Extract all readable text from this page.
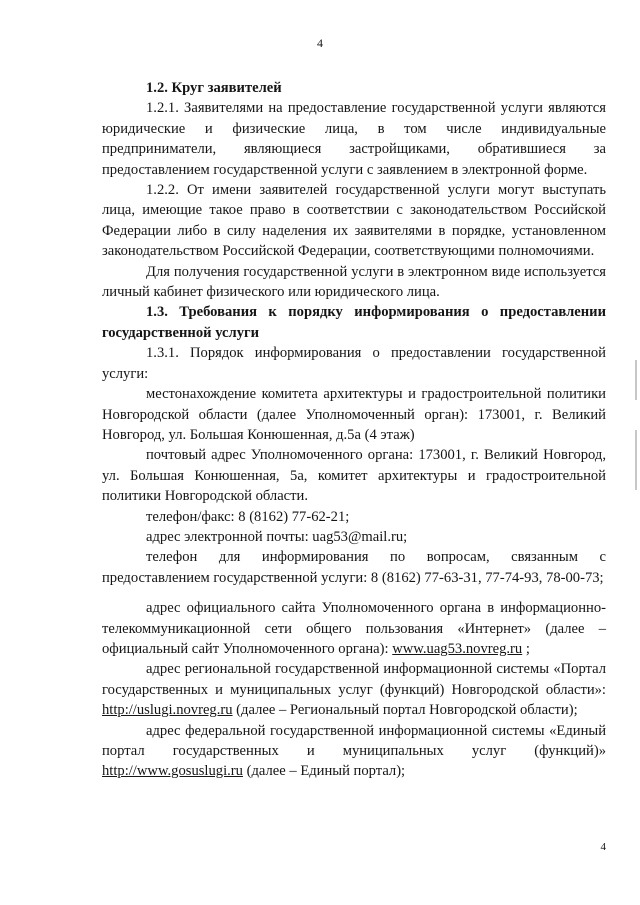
4

1.2. Круг заявителей

1.2.1. Заявителями на предоставление государственной услуги являются юридические и физические лица, в том числе индивидуальные предприниматели, являющиеся застройщиками, обратившиеся за предоставлением государственной услуги с заявлением в электронной форме.

1.2.2. От имени заявителей государственной услуги могут выступать лица, имеющие такое право в соответствии с законодательством Российской Федерации либо в силу наделения их заявителями в порядке, установленном законодательством Российской Федерации, соответствующими полномочиями.

Для получения государственной услуги в электронном виде используется личный кабинет физического или юридического лица.

1.3. Требования к порядку информирования о предоставлении государственной услуги

1.3.1. Порядок информирования о предоставлении государственной услуги:

местонахождение комитета архитектуры и градостроительной политики Новгородской области (далее Уполномоченный орган): 173001, г. Великий Новгород, ул. Большая Конюшенная, д.5а (4 этаж)

почтовый адрес Уполномоченного органа: 173001, г. Великий Новгород, ул. Большая Конюшенная, 5а, комитет архитектуры и градостроительной политики Новгородской области.

телефон/факс: 8 (8162) 77-62-21;

адрес электронной почты: uag53@mail.ru;

телефон для информирования по вопросам, связанным с предоставлением государственной услуги: 8 (8162) 77-63-31, 77-74-93, 78-00-73;

адрес официального сайта Уполномоченного органа в информационно-телекоммуникационной сети общего пользования «Интернет» (далее – официальный сайт Уполномоченного органа): www.uag53.novreg.ru ;

адрес региональной государственной информационной системы «Портал государственных и муниципальных услуг (функций) Новгородской области»: http://uslugi.novreg.ru (далее – Региональный портал Новгородской области);

адрес федеральной государственной информационной системы «Единый портал государственных и муниципальных услуг (функций)» http://www.gosuslugi.ru (далее – Единый портал);

4
